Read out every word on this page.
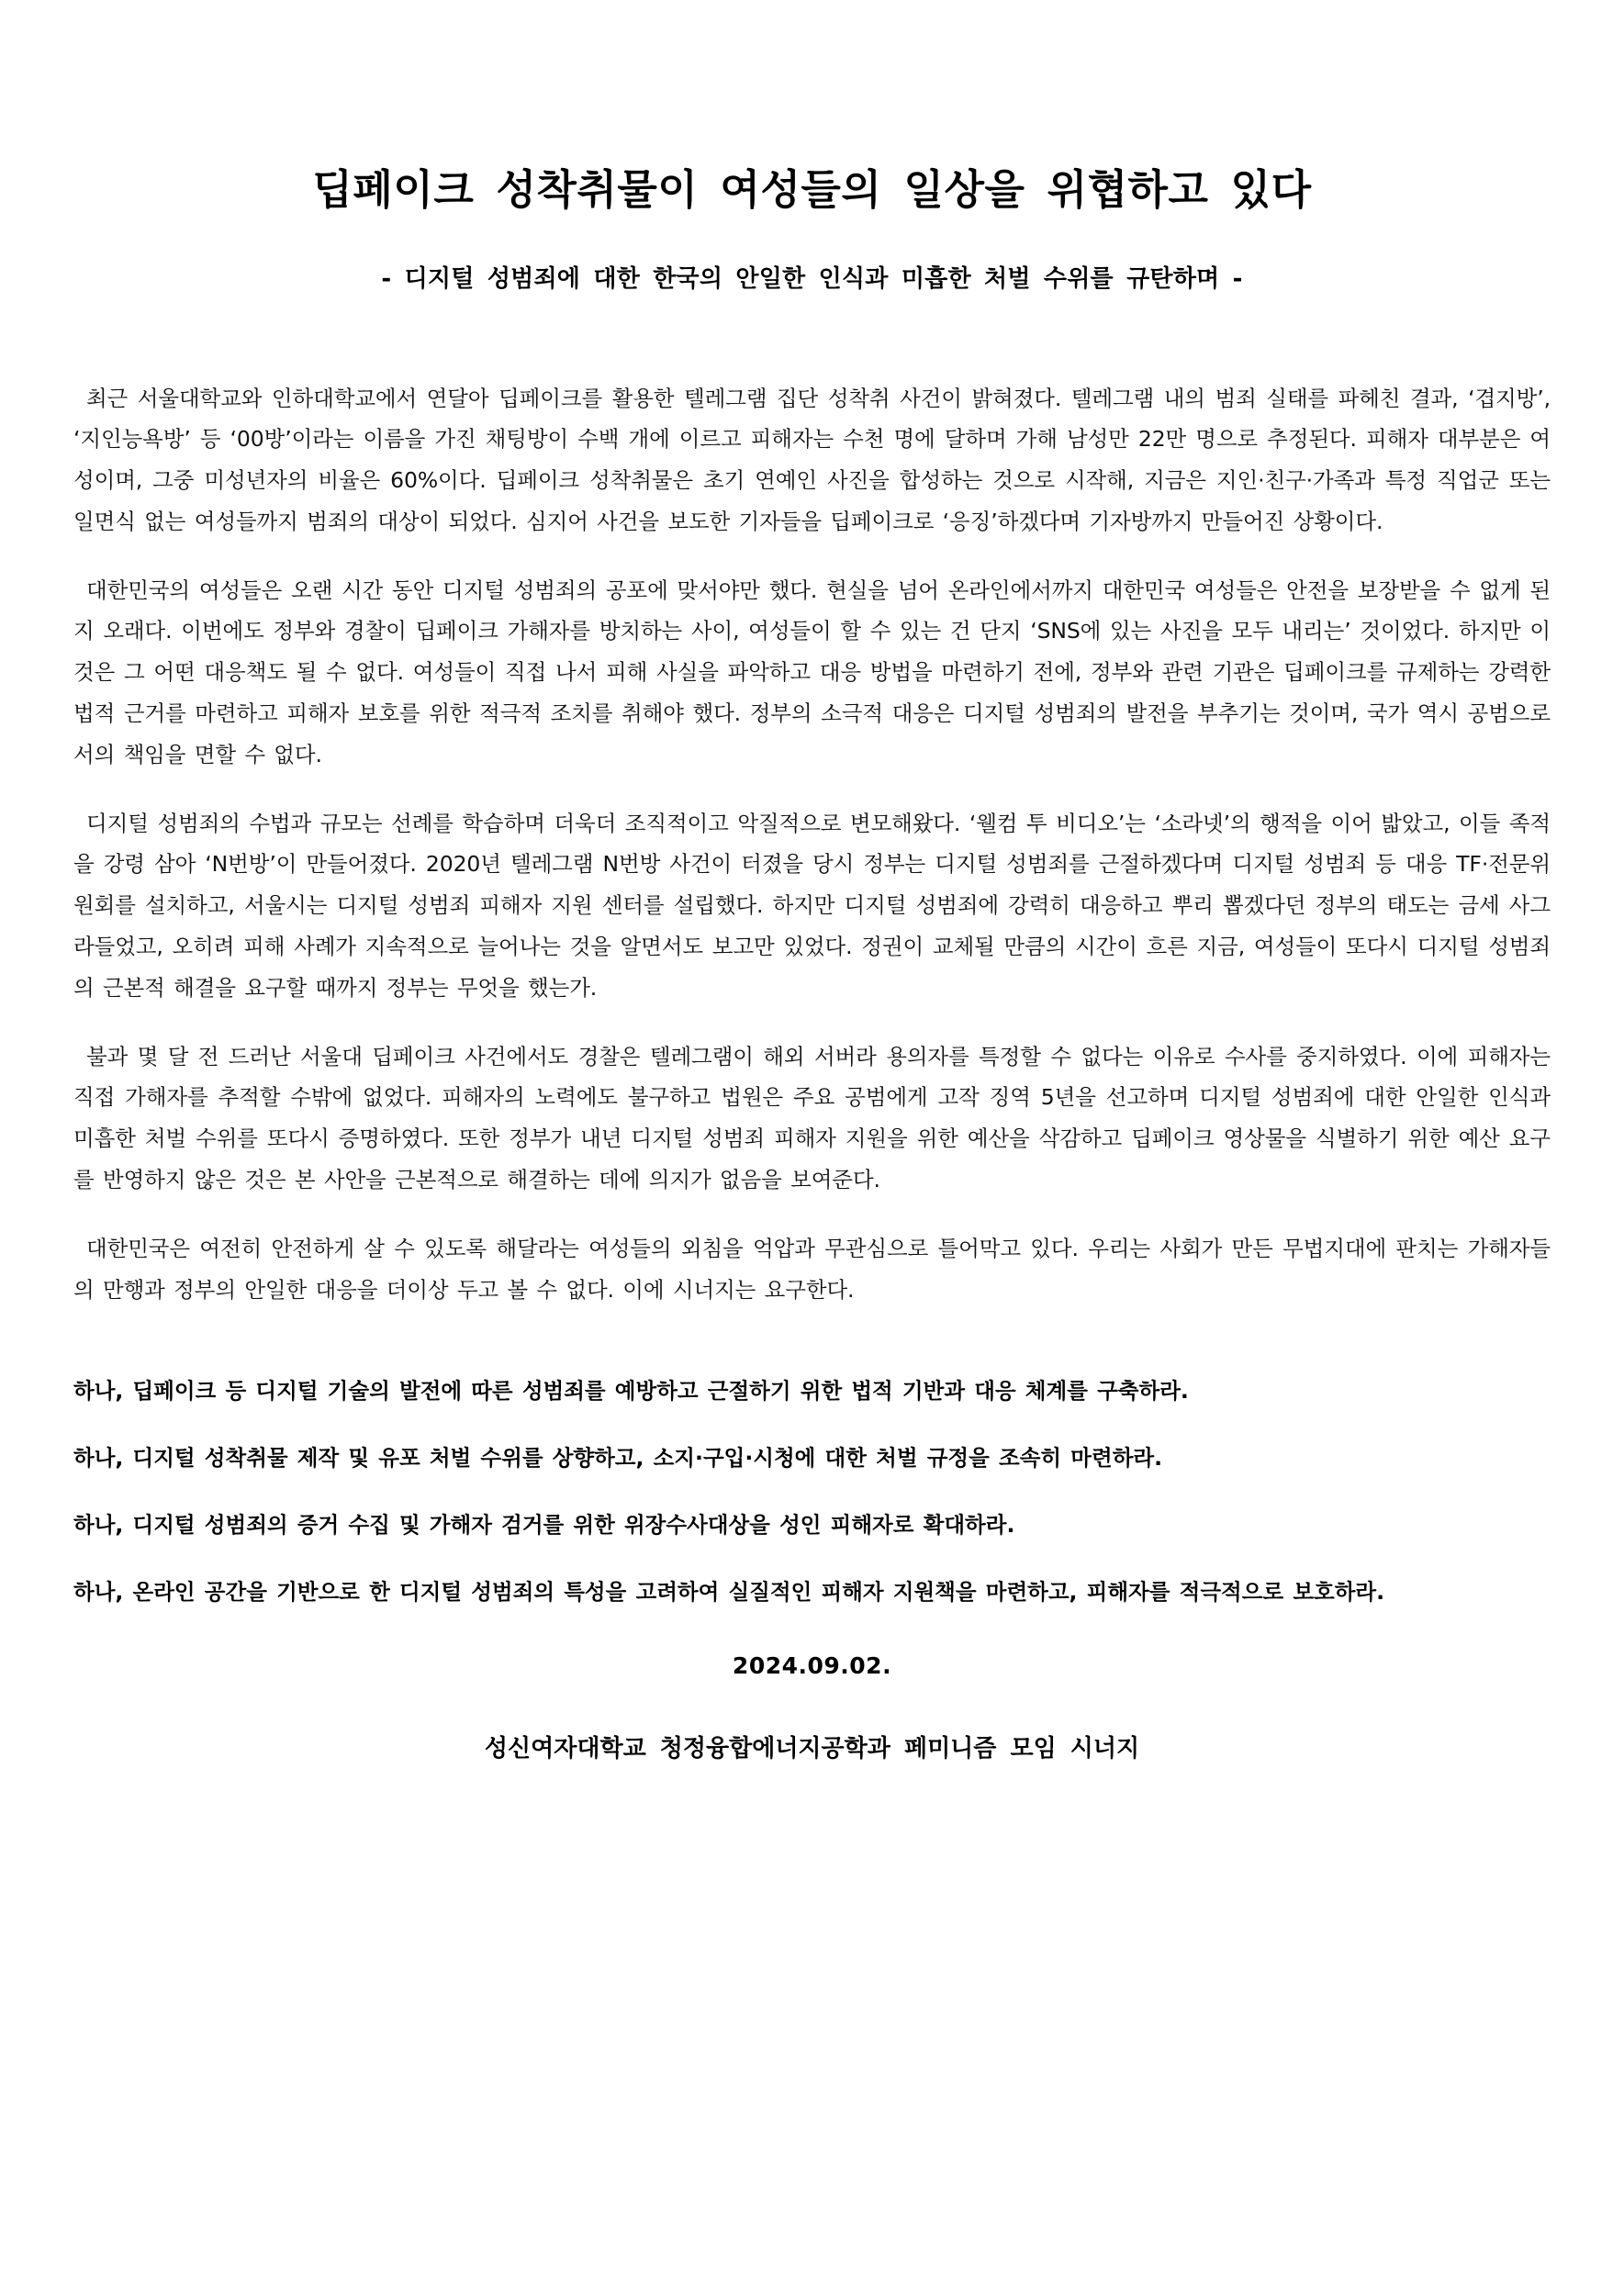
딥페이크 성착취물이 여성들의 일상을 위협하고 있다

- 디지털 성범죄에 대한 한국의 안일한 인식과 미흡한 처벌 수위를 규탄하며 -

최근 서울대학교와 인하대학교에서 연달아 딥페이크를 활용한 텔레그램 집단 성착취 사건이 밝혀졌다. 텔레그램 내의 범죄 실태를 파헤친 결과, ‘겹지방’, ‘지인능욕방’ 등 ‘00방’이라는 이름을 가진 채팅방이 수백 개에 이르고 피해자는 수천 명에 달하며 가해 남성만 22만 명으로 추정된다. 피해자 대부분은 여성이며, 그중 미성년자의 비율은 60%이다. 딥페이크 성착취물은 초기 연예인 사진을 합성하는 것으로 시작해, 지금은 지인·친구·가족과 특정 직업군 또는 일면식 없는 여성들까지 범죄의 대상이 되었다. 심지어 사건을 보도한 기자들을 딥페이크로 ‘응징’하겠다며 기자방까지 만들어진 상황이다.

대한민국의 여성들은 오랜 시간 동안 디지털 성범죄의 공포에 맞서야만 했다. 현실을 넘어 온라인에서까지 대한민국 여성들은 안전을 보장받을 수 없게 된 지 오래다. 이번에도 정부와 경찰이 딥페이크 가해자를 방치하는 사이, 여성들이 할 수 있는 건 단지 ‘SNS에 있는 사진을 모두 내리는’ 것이었다. 하지만 이것은 그 어떤 대응책도 될 수 없다. 여성들이 직접 나서 피해 사실을 파악하고 대응 방법을 마련하기 전에, 정부와 관련 기관은 딥페이크를 규제하는 강력한 법적 근거를 마련하고 피해자 보호를 위한 적극적 조치를 취해야 했다. 정부의 소극적 대응은 디지털 성범죄의 발전을 부추기는 것이며, 국가 역시 공범으로서의 책임을 면할 수 없다.

디지털 성범죄의 수법과 규모는 선례를 학습하며 더욱더 조직적이고 악질적으로 변모해왔다. ‘웰컴 투 비디오’는 ‘소라넷’의 행적을 이어 밟았고, 이들 족적을 강령 삼아 ‘N번방’이 만들어졌다. 2020년 텔레그램 N번방 사건이 터졌을 당시 정부는 디지털 성범죄를 근절하겠다며 디지털 성범죄 등 대응 TF·전문위원회를 설치하고, 서울시는 디지털 성범죄 피해자 지원 센터를 설립했다. 하지만 디지털 성범죄에 강력히 대응하고 뿌리 뽑겠다던 정부의 태도는 금세 사그라들었고, 오히려 피해 사례가 지속적으로 늘어나는 것을 알면서도 보고만 있었다. 정권이 교체될 만큼의 시간이 흐른 지금, 여성들이 또다시 디지털 성범죄의 근본적 해결을 요구할 때까지 정부는 무엇을 했는가.

불과 몇 달 전 드러난 서울대 딥페이크 사건에서도 경찰은 텔레그램이 해외 서버라 용의자를 특정할 수 없다는 이유로 수사를 중지하였다. 이에 피해자는 직접 가해자를 추적할 수밖에 없었다. 피해자의 노력에도 불구하고 법원은 주요 공범에게 고작 징역 5년을 선고하며 디지털 성범죄에 대한 안일한 인식과 미흡한 처벌 수위를 또다시 증명하였다. 또한 정부가 내년 디지털 성범죄 피해자 지원을 위한 예산을 삭감하고 딥페이크 영상물을 식별하기 위한 예산 요구를 반영하지 않은 것은 본 사안을 근본적으로 해결하는 데에 의지가 없음을 보여준다.

대한민국은 여전히 안전하게 살 수 있도록 해달라는 여성들의 외침을 억압과 무관심으로 틀어막고 있다. 우리는 사회가 만든 무법지대에 판치는 가해자들의 만행과 정부의 안일한 대응을 더이상 두고 볼 수 없다. 이에 시너지는 요구한다.

하나, 딥페이크 등 디지털 기술의 발전에 따른 성범죄를 예방하고 근절하기 위한 법적 기반과 대응 체계를 구축하라.

하나, 디지털 성착취물 제작 및 유포 처벌 수위를 상향하고, 소지·구입·시청에 대한 처벌 규정을 조속히 마련하라.

하나, 디지털 성범죄의 증거 수집 및 가해자 검거를 위한 위장수사대상을 성인 피해자로 확대하라.

하나, 온라인 공간을 기반으로 한 디지털 성범죄의 특성을 고려하여 실질적인 피해자 지원책을 마련하고, 피해자를 적극적으로 보호하라.

2024.09.02.

성신여자대학교 청정융합에너지공학과 페미니즘 모임 시너지
